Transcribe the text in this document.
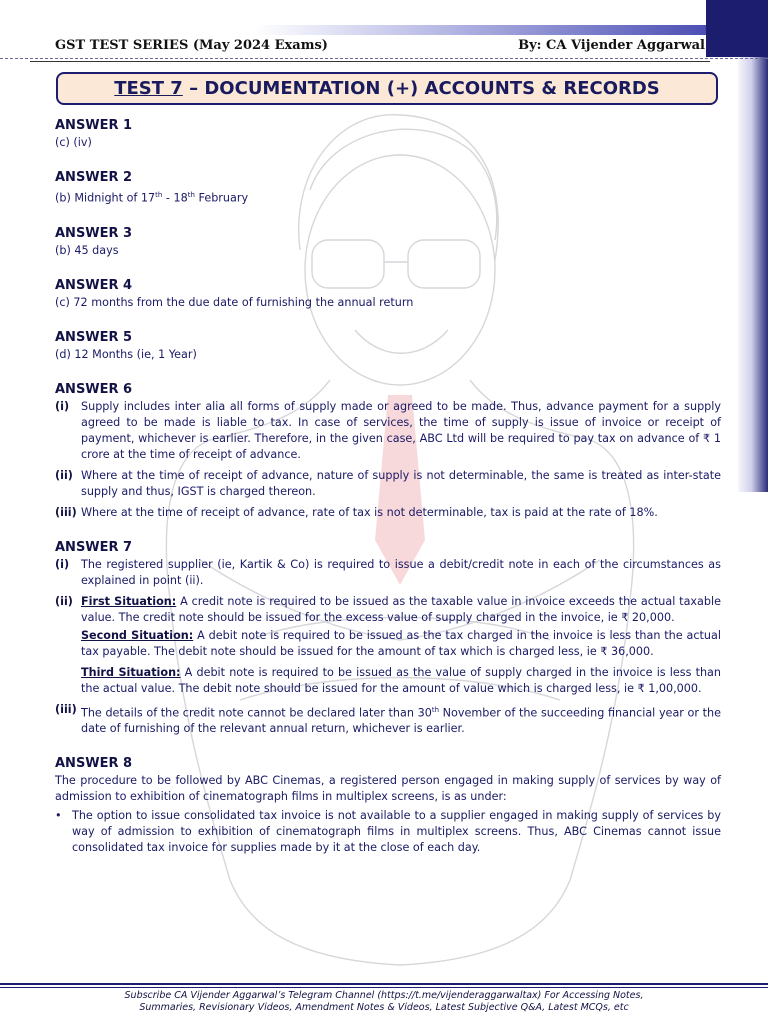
GST TEST SERIES (May 2024 Exams)	By: CA Vijender Aggarwal
TEST 7 – DOCUMENTATION (+) ACCOUNTS & RECORDS
ANSWER 1
(c) (iv)
ANSWER 2
(b) Midnight of 17th - 18th February
ANSWER 3
(b) 45 days
ANSWER 4
(c) 72 months from the due date of furnishing the annual return
ANSWER 5
(d) 12 Months (ie, 1 Year)
ANSWER 6
(i)	Supply includes inter alia all forms of supply made or agreed to be made. Thus, advance payment for a supply agreed to be made is liable to tax. In case of services, the time of supply is issue of invoice or receipt of payment, whichever is earlier. Therefore, in the given case, ABC Ltd will be required to pay tax on advance of ₹ 1 crore at the time of receipt of advance.
(ii) Where at the time of receipt of advance, nature of supply is not determinable, the same is treated as inter-state supply and thus, IGST is charged thereon.
(iii) Where at the time of receipt of advance, rate of tax is not determinable, tax is paid at the rate of 18%.
ANSWER 7
(i)	The registered supplier (ie, Kartik & Co) is required to issue a debit/credit note in each of the circumstances as explained in point (ii).
(ii) First Situation: A credit note is required to be issued as the taxable value in invoice exceeds the actual taxable value. The credit note should be issued for the excess value of supply charged in the invoice, ie ₹ 20,000.
Second Situation: A debit note is required to be issued as the tax charged in the invoice is less than the actual tax payable. The debit note should be issued for the amount of tax which is charged less, ie ₹ 36,000.
Third Situation: A debit note is required to be issued as the value of supply charged in the invoice is less than the actual value. The debit note should be issued for the amount of value which is charged less, ie ₹ 1,00,000.
(iii) The details of the credit note cannot be declared later than 30th November of the succeeding financial year or the date of furnishing of the relevant annual return, whichever is earlier.
ANSWER 8
The procedure to be followed by ABC Cinemas, a registered person engaged in making supply of services by way of admission to exhibition of cinematograph films in multiplex screens, is as under:
• The option to issue consolidated tax invoice is not available to a supplier engaged in making supply of services by way of admission to exhibition of cinematograph films in multiplex screens. Thus, ABC Cinemas cannot issue consolidated tax invoice for supplies made by it at the close of each day.
Subscribe CA Vijender Aggarwal’s Telegram Channel (https://t.me/vijenderaggarwaltax) For Accessing Notes,
Summaries, Revisionary Videos, Amendment Notes & Videos, Latest Subjective Q&A, Latest MCQs, etc
